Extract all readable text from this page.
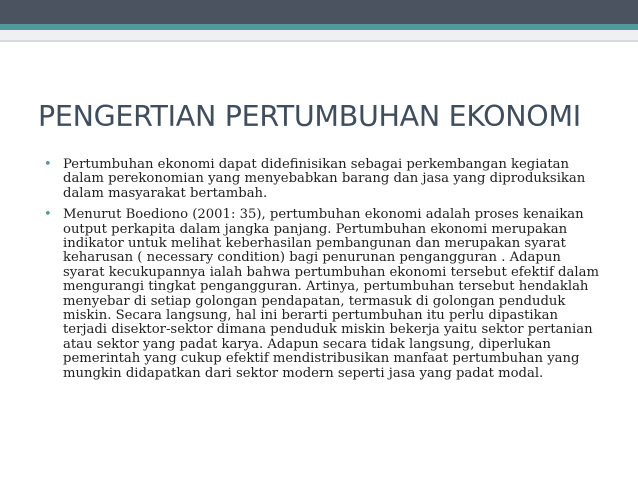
PENGERTIAN PERTUMBUHAN EKONOMI
• Pertumbuhan ekonomi dapat didefinisikan sebagai perkembangan kegiatan dalam perekonomian yang menyebabkan barang dan jasa yang diproduksikan dalam masyarakat bertambah.
• Menurut Boediono (2001: 35), pertumbuhan ekonomi adalah proses kenaikan output perkapita dalam jangka panjang. Pertumbuhan ekonomi merupakan indikator untuk melihat keberhasilan pembangunan dan merupakan syarat keharusan ( necessary condition) bagi penurunan pengangguran . Adapun syarat kecukupannya ialah bahwa pertumbuhan ekonomi tersebut efektif dalam mengurangi tingkat pengangguran. Artinya, pertumbuhan tersebut hendaklah menyebar di setiap golongan pendapatan, termasuk di golongan penduduk miskin. Secara langsung, hal ini berarti pertumbuhan itu perlu dipastikan terjadi disektor-sektor dimana penduduk miskin bekerja yaitu sektor pertanian atau sektor yang padat karya. Adapun secara tidak langsung, diperlukan pemerintah yang cukup efektif mendistribusikan manfaat pertumbuhan yang mungkin didapatkan dari sektor modern seperti jasa yang padat modal.
